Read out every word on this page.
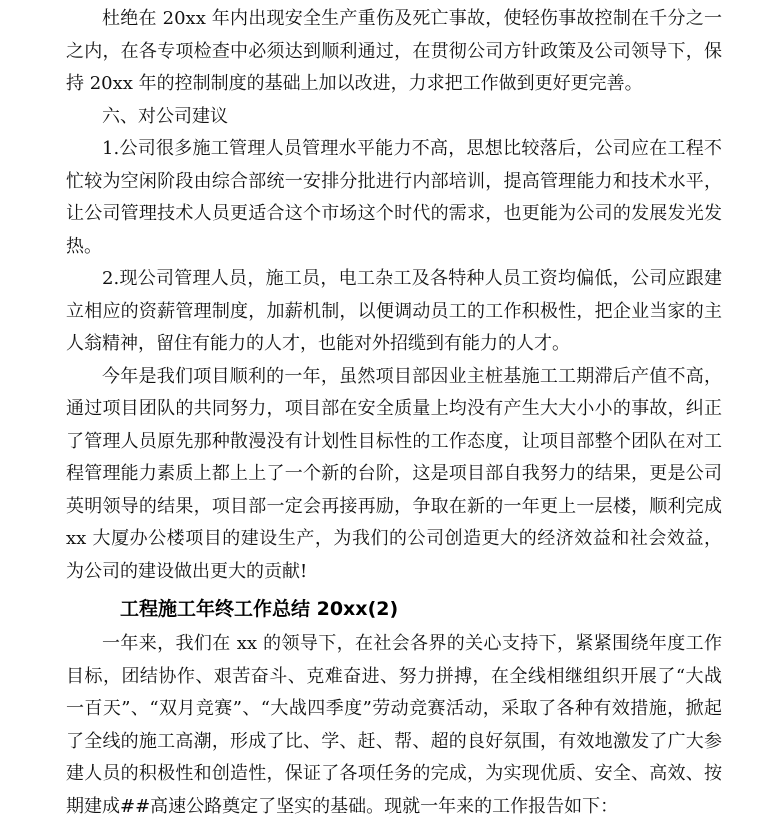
杜绝在 20xx 年内出现安全生产重伤及死亡事故，使轻伤事故控制在千分之一之内，在各专项检查中必须达到顺利通过，在贯彻公司方针政策及公司领导下，保持 20xx 年的控制制度的基础上加以改进，力求把工作做到更好更完善。

六、对公司建议

1.公司很多施工管理人员管理水平能力不高，思想比较落后，公司应在工程不忙较为空闲阶段由综合部统一安排分批进行内部培训，提高管理能力和技术水平，让公司管理技术人员更适合这个市场这个时代的需求，也更能为公司的发展发光发热。

2.现公司管理人员，施工员，电工杂工及各特种人员工资均偏低，公司应跟建立相应的资薪管理制度，加薪机制，以便调动员工的工作积极性，把企业当家的主人翁精神，留住有能力的人才，也能对外招缆到有能力的人才。

今年是我们项目顺利的一年，虽然项目部因业主桩基施工工期滞后产值不高，通过项目团队的共同努力，项目部在安全质量上均没有产生大大小小的事故，纠正了管理人员原先那种散漫没有计划性目标性的工作态度，让项目部整个团队在对工程管理能力素质上都上上了一个新的台阶，这是项目部自我努力的结果，更是公司英明领导的结果，项目部一定会再接再励，争取在新的一年更上一层楼，顺利完成 xx 大厦办公楼项目的建设生产，为我们的公司创造更大的经济效益和社会效益，为公司的建设做出更大的贡献!

工程施工年终工作总结 20xx(2)

一年来，我们在 xx 的领导下，在社会各界的关心支持下，紧紧围绕年度工作目标，团结协作、艰苦奋斗、克难奋进、努力拼搏，在全线相继组织开展了“大战一百天”、“双月竞赛”、“大战四季度”劳动竞赛活动，采取了各种有效措施，掀起了全线的施工高潮，形成了比、学、赶、帮、超的良好氛围，有效地激发了广大参建人员的积极性和创造性，保证了各项任务的完成，为实现优质、安全、高效、按期建成##高速公路奠定了坚实的基础。现就一年来的工作报告如下：
